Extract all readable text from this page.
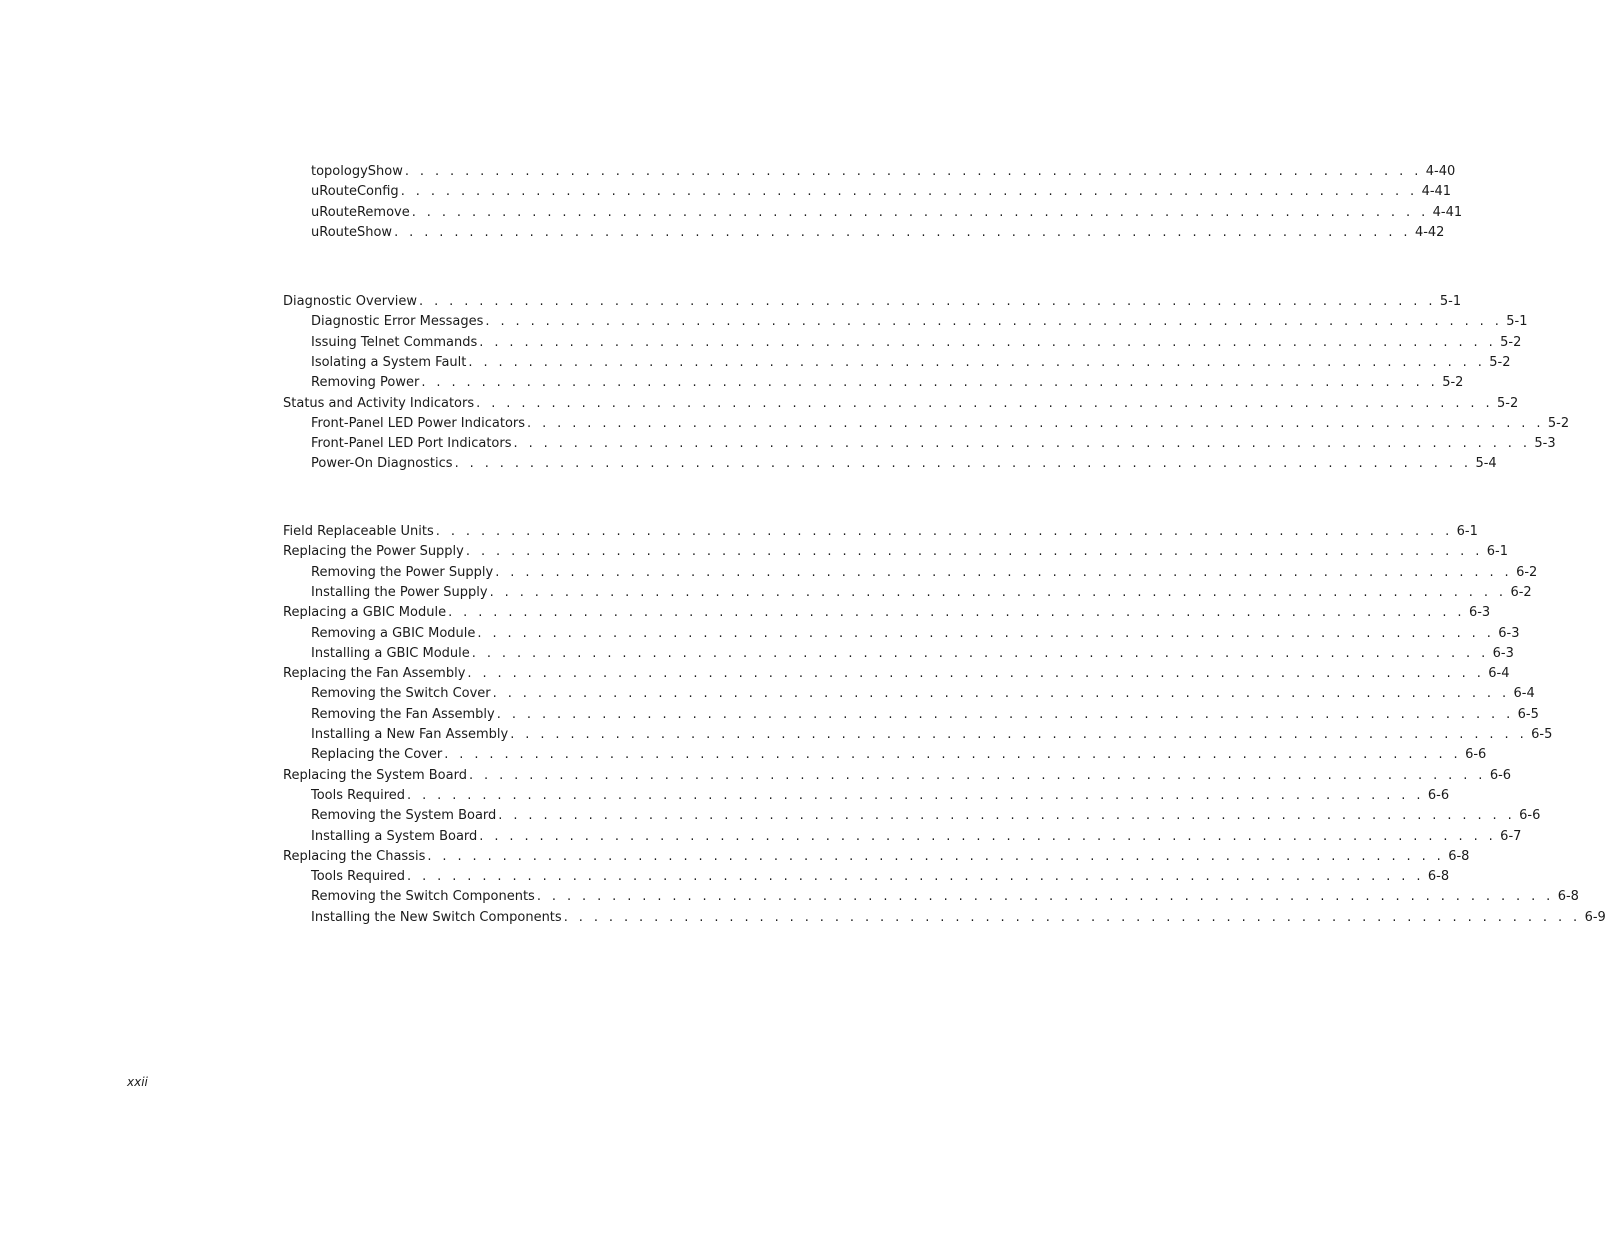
topologyShow . . . . . . . . . . . . . . . . . . . . . . . . . . . . . . . . . . . . . . . . . . . . . . . . . . . . . . . . . . . . . . . . . . . . 4-40
uRouteConfig . . . . . . . . . . . . . . . . . . . . . . . . . . . . . . . . . . . . . . . . . . . . . . . . . . . . . . . . . . . . . . . . . . . . 4-41
uRouteRemove . . . . . . . . . . . . . . . . . . . . . . . . . . . . . . . . . . . . . . . . . . . . . . . . . . . . . . . . . . . . . . . . . . . . 4-41
uRouteShow . . . . . . . . . . . . . . . . . . . . . . . . . . . . . . . . . . . . . . . . . . . . . . . . . . . . . . . . . . . . . . . . . . . . 4-42
Diagnostic Overview . . . . . . . . . . . . . . . . . . . . . . . . . . . . . . . . . . . . . . . . . . . . . . . . . . . . . . . . . . . . . . . . . . . . 5-1
Diagnostic Error Messages . . . . . . . . . . . . . . . . . . . . . . . . . . . . . . . . . . . . . . . . . . . . . . . . . . . . . . . . . . . . . . . . . . . . 5-1
Issuing Telnet Commands . . . . . . . . . . . . . . . . . . . . . . . . . . . . . . . . . . . . . . . . . . . . . . . . . . . . . . . . . . . . . . . . . . . . 5-2
Isolating a System Fault . . . . . . . . . . . . . . . . . . . . . . . . . . . . . . . . . . . . . . . . . . . . . . . . . . . . . . . . . . . . . . . . . . . . 5-2
Removing Power . . . . . . . . . . . . . . . . . . . . . . . . . . . . . . . . . . . . . . . . . . . . . . . . . . . . . . . . . . . . . . . . . . . . 5-2
Status and Activity Indicators . . . . . . . . . . . . . . . . . . . . . . . . . . . . . . . . . . . . . . . . . . . . . . . . . . . . . . . . . . . . . . . . . . . . 5-2
Front-Panel LED Power Indicators . . . . . . . . . . . . . . . . . . . . . . . . . . . . . . . . . . . . . . . . . . . . . . . . . . . . . . . . . . . . . . . . . . . . 5-2
Front-Panel LED Port Indicators . . . . . . . . . . . . . . . . . . . . . . . . . . . . . . . . . . . . . . . . . . . . . . . . . . . . . . . . . . . . . . . . . . . . 5-3
Power-On Diagnostics . . . . . . . . . . . . . . . . . . . . . . . . . . . . . . . . . . . . . . . . . . . . . . . . . . . . . . . . . . . . . . . . . . . . 5-4
Field Replaceable Units . . . . . . . . . . . . . . . . . . . . . . . . . . . . . . . . . . . . . . . . . . . . . . . . . . . . . . . . . . . . . . . . . . . . 6-1
Replacing the Power Supply . . . . . . . . . . . . . . . . . . . . . . . . . . . . . . . . . . . . . . . . . . . . . . . . . . . . . . . . . . . . . . . . . . . . 6-1
Removing the Power Supply . . . . . . . . . . . . . . . . . . . . . . . . . . . . . . . . . . . . . . . . . . . . . . . . . . . . . . . . . . . . . . . . . . . . 6-2
Installing the Power Supply . . . . . . . . . . . . . . . . . . . . . . . . . . . . . . . . . . . . . . . . . . . . . . . . . . . . . . . . . . . . . . . . . . . . 6-2
Replacing a GBIC Module . . . . . . . . . . . . . . . . . . . . . . . . . . . . . . . . . . . . . . . . . . . . . . . . . . . . . . . . . . . . . . . . . . . . 6-3
Removing a GBIC Module . . . . . . . . . . . . . . . . . . . . . . . . . . . . . . . . . . . . . . . . . . . . . . . . . . . . . . . . . . . . . . . . . . . . 6-3
Installing a GBIC Module . . . . . . . . . . . . . . . . . . . . . . . . . . . . . . . . . . . . . . . . . . . . . . . . . . . . . . . . . . . . . . . . . . . . 6-3
Replacing the Fan Assembly . . . . . . . . . . . . . . . . . . . . . . . . . . . . . . . . . . . . . . . . . . . . . . . . . . . . . . . . . . . . . . . . . . . . 6-4
Removing the Switch Cover . . . . . . . . . . . . . . . . . . . . . . . . . . . . . . . . . . . . . . . . . . . . . . . . . . . . . . . . . . . . . . . . . . . . 6-4
Removing the Fan Assembly . . . . . . . . . . . . . . . . . . . . . . . . . . . . . . . . . . . . . . . . . . . . . . . . . . . . . . . . . . . . . . . . . . . . 6-5
Installing a New Fan Assembly . . . . . . . . . . . . . . . . . . . . . . . . . . . . . . . . . . . . . . . . . . . . . . . . . . . . . . . . . . . . . . . . . . . . 6-5
Replacing the Cover . . . . . . . . . . . . . . . . . . . . . . . . . . . . . . . . . . . . . . . . . . . . . . . . . . . . . . . . . . . . . . . . . . . . 6-6
Replacing the System Board . . . . . . . . . . . . . . . . . . . . . . . . . . . . . . . . . . . . . . . . . . . . . . . . . . . . . . . . . . . . . . . . . . . . 6-6
Tools Required . . . . . . . . . . . . . . . . . . . . . . . . . . . . . . . . . . . . . . . . . . . . . . . . . . . . . . . . . . . . . . . . . . . . 6-6
Removing the System Board . . . . . . . . . . . . . . . . . . . . . . . . . . . . . . . . . . . . . . . . . . . . . . . . . . . . . . . . . . . . . . . . . . . . 6-6
Installing a System Board . . . . . . . . . . . . . . . . . . . . . . . . . . . . . . . . . . . . . . . . . . . . . . . . . . . . . . . . . . . . . . . . . . . . 6-7
Replacing the Chassis . . . . . . . . . . . . . . . . . . . . . . . . . . . . . . . . . . . . . . . . . . . . . . . . . . . . . . . . . . . . . . . . . . . . 6-8
Tools Required . . . . . . . . . . . . . . . . . . . . . . . . . . . . . . . . . . . . . . . . . . . . . . . . . . . . . . . . . . . . . . . . . . . . 6-8
Removing the Switch Components . . . . . . . . . . . . . . . . . . . . . . . . . . . . . . . . . . . . . . . . . . . . . . . . . . . . . . . . . . . . . . . . . . . . 6-8
Installing the New Switch Components . . . . . . . . . . . . . . . . . . . . . . . . . . . . . . . . . . . . . . . . . . . . . . . . . . . . . . . . . . . . . . . . . . . . 6-9
xxii
